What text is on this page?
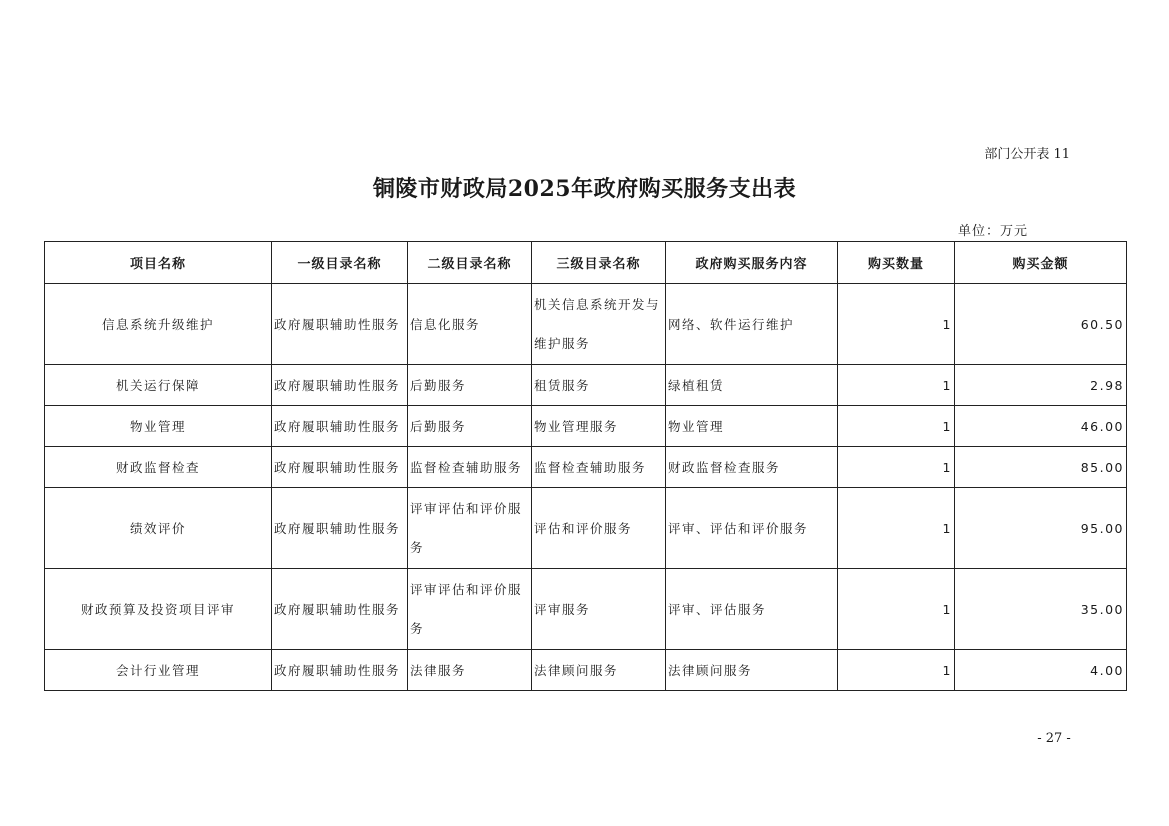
部门公开表 11
铜陵市财政局2025年政府购买服务支出表
单位：万元
项目名称	一级目录名称	二级目录名称	三级目录名称	政府购买服务内容	购买数量	购买金额
信息系统升级维护	政府履职辅助性服务	信息化服务	机关信息系统开发与维护服务	网络、软件运行维护	1	60.50
机关运行保障	政府履职辅助性服务	后勤服务	租赁服务	绿植租赁	1	2.98
物业管理	政府履职辅助性服务	后勤服务	物业管理服务	物业管理	1	46.00
财政监督检查	政府履职辅助性服务	监督检查辅助服务	监督检查辅助服务	财政监督检查服务	1	85.00
绩效评价	政府履职辅助性服务	评审评估和评价服务	评估和评价服务	评审、评估和评价服务	1	95.00
财政预算及投资项目评审	政府履职辅助性服务	评审评估和评价服务	评审服务	评审、评估服务	1	35.00
会计行业管理	政府履职辅助性服务	法律服务	法律顾问服务	法律顾问服务	1	4.00
- 27 -
